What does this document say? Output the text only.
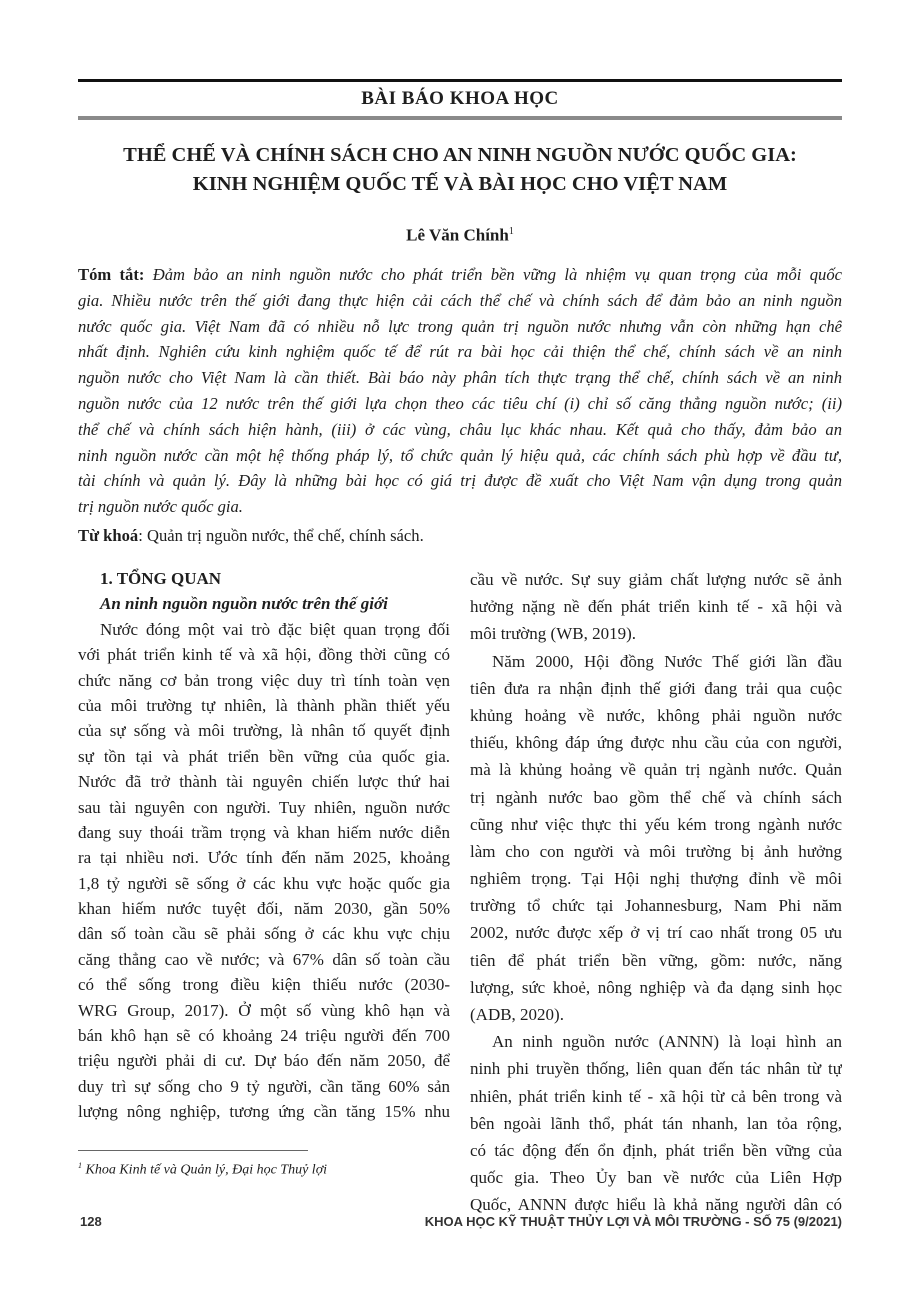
BÀI BÁO KHOA HỌC
THỂ CHẾ VÀ CHÍNH SÁCH CHO AN NINH NGUỒN NƯỚC QUỐC GIA:
KINH NGHIỆM QUỐC TẾ VÀ BÀI HỌC CHO VIỆT NAM
Lê Văn Chính$^1$
Tóm tắt: Đảm bảo an ninh nguồn nước cho phát triển bền vững là nhiệm vụ quan trọng của mỗi quốc
gia. Nhiều nước trên thế giới đang thực hiện cải cách thể chế và chính sách để đảm bảo an ninh nguồn
nước quốc gia. Việt Nam đã có nhiều nỗ lực trong quản trị nguồn nước nhưng vẫn còn những hạn chế
nhất định. Nghiên cứu kinh nghiệm quốc tế để rút ra bài học cải thiện thể chế, chính sách về an ninh
nguồn nước cho Việt Nam là cần thiết. Bài báo này phân tích thực trạng thể chế, chính sách về an ninh
nguồn nước của 12 nước trên thế giới lựa chọn theo các tiêu chí (i) chỉ số căng thẳng nguồn nước; (ii)
thể chế và chính sách hiện hành, (iii) ở các vùng, châu lục khác nhau. Kết quả cho thấy, đảm bảo an
ninh nguồn nước cần một hệ thống pháp lý, tổ chức quản lý hiệu quả, các chính sách phù hợp về đầu tư,
tài chính và quản lý. Đây là những bài học có giá trị được đề xuất cho Việt Nam vận dụng trong quản
trị nguồn nước quốc gia.
Từ khoá: Quản trị nguồn nước, thể chế, chính sách.
1. TỔNG QUAN
An ninh nguồn nguồn nước trên thế giới
Nước đóng một vai trò đặc biệt quan trọng đối
với phát triển kinh tế và xã hội, đồng thời cũng có
chức năng cơ bản trong việc duy trì tính toàn vẹn
của môi trường tự nhiên, là thành phần thiết yếu
của sự sống và môi trường, là nhân tố quyết định
sự tồn tại và phát triển bền vững của quốc gia.
Nước đã trở thành tài nguyên chiến lược thứ hai
sau tài nguyên con người. Tuy nhiên, nguồn nước
đang suy thoái trầm trọng và khan hiếm nước diễn
ra tại nhiều nơi. Ước tính đến năm 2025, khoảng
1,8 tỷ người sẽ sống ở các khu vực hoặc quốc gia
khan hiếm nước tuyệt đối, năm 2030, gần 50%
dân số toàn cầu sẽ phải sống ở các khu vực chịu
căng thẳng cao về nước; và 67% dân số toàn cầu
có thể sống trong điều kiện thiếu nước (2030-
WRG Group, 2017). Ở một số vùng khô hạn và
bán khô hạn sẽ có khoảng 24 triệu người đến 700
triệu người phải di cư. Dự báo đến năm 2050, để
duy trì sự sống cho 9 tỷ người, cần tăng 60% sản
lượng nông nghiệp, tương ứng cần tăng 15% nhu
cầu về nước. Sự suy giảm chất lượng nước sẽ ảnh
hưởng nặng nề đến phát triển kinh tế - xã hội và
môi trường (WB, 2019).
Năm 2000, Hội đồng Nước Thế giới lần đầu
tiên đưa ra nhận định thế giới đang trải qua cuộc
khủng hoảng về nước, không phải nguồn nước
thiếu, không đáp ứng được nhu cầu của con người,
mà là khủng hoảng về quản trị ngành nước. Quản
trị ngành nước bao gồm thể chế và chính sách
cũng như việc thực thi yếu kém trong ngành nước
làm cho con người và môi trường bị ảnh hưởng
nghiêm trọng. Tại Hội nghị thượng đỉnh về môi
trường tổ chức tại Johannesburg, Nam Phi năm
2002, nước được xếp ở vị trí cao nhất trong 05 ưu
tiên để phát triển bền vững, gồm: nước, năng
lượng, sức khoẻ, nông nghiệp và đa dạng sinh học
(ADB, 2020).
An ninh nguồn nước (ANNN) là loại hình an
ninh phi truyền thống, liên quan đến tác nhân từ tự
nhiên, phát triển kinh tế - xã hội từ cả bên trong và
bên ngoài lãnh thổ, phát tán nhanh, lan tỏa rộng,
có tác động đến ổn định, phát triển bền vững của
quốc gia. Theo Ủy ban về nước của Liên Hợp
Quốc, ANNN được hiểu là khả năng người dân có
$^1$ Khoa Kinh tế và Quản lý, Đại học Thuỷ lợi
128	KHOA HỌC KỸ THUẬT THỦY LỢI VÀ MÔI TRƯỜNG - SỐ 75 (9/2021)
